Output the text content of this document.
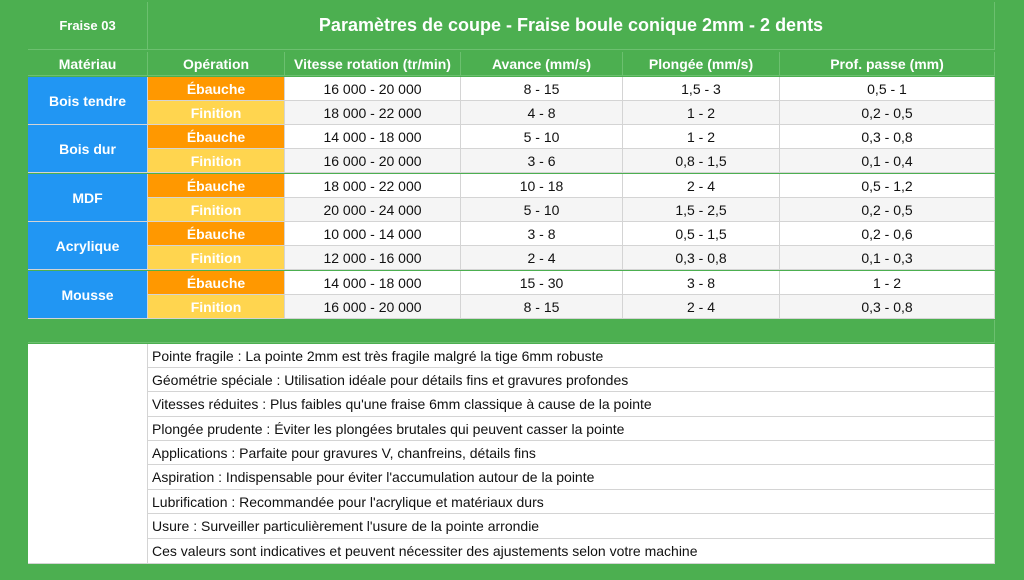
Fraise 03	Paramètres de coupe - Fraise boule conique 2mm - 2 dents
Matériau	Opération	Vitesse rotation (tr/min)	Avance (mm/s)	Plongée (mm/s)	Prof. passe (mm)
Bois tendre
Ébauche	16 000 - 20 000	8 - 15	1,5 - 3	0,5 - 1
Finition	18 000 - 22 000	4 - 8	1 - 2	0,2 - 0,5
Bois dur
Ébauche	14 000 - 18 000	5 - 10	1 - 2	0,3 - 0,8
Finition	16 000 - 20 000	3 - 6	0,8 - 1,5	0,1 - 0,4
MDF
Ébauche	18 000 - 22 000	10 - 18	2 - 4	0,5 - 1,2
Finition	20 000 - 24 000	5 - 10	1,5 - 2,5	0,2 - 0,5
Acrylique
Ébauche	10 000 - 14 000	3 - 8	0,5 - 1,5	0,2 - 0,6
Finition	12 000 - 16 000	2 - 4	0,3 - 0,8	0,1 - 0,3
Mousse
Ébauche	14 000 - 18 000	15 - 30	3 - 8	1 - 2
Finition	16 000 - 20 000	8 - 15	2 - 4	0,3 - 0,8
Pointe fragile : La pointe 2mm est très fragile malgré la tige 6mm robuste
Géométrie spéciale : Utilisation idéale pour détails fins et gravures profondes
Vitesses réduites : Plus faibles qu'une fraise 6mm classique à cause de la pointe
Plongée prudente : Éviter les plongées brutales qui peuvent casser la pointe
Applications : Parfaite pour gravures V, chanfreins, détails fins
Aspiration : Indispensable pour éviter l'accumulation autour de la pointe
Lubrification : Recommandée pour l'acrylique et matériaux durs
Usure : Surveiller particulièrement l'usure de la pointe arrondie
Ces valeurs sont indicatives et peuvent nécessiter des ajustements selon votre machine
